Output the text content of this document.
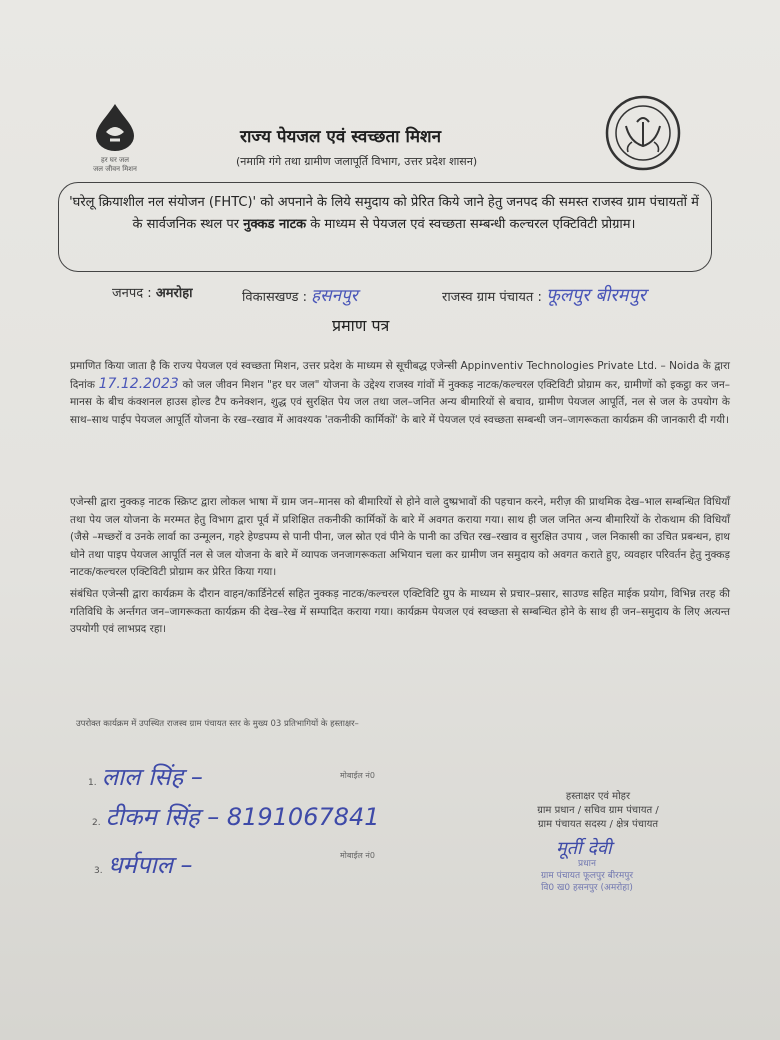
हर घर जल
जल जीवन मिशन
राज्य पेयजल एवं स्वच्छता मिशन
(नमामि गंगे तथा ग्रामीण जलापूर्ति विभाग, उत्तर प्रदेश शासन)
'घरेलू क्रियाशील नल संयोजन (FHTC)' को अपनाने के लिये समुदाय को प्रेरित किये जाने हेतु जनपद की समस्त राजस्व ग्राम पंचायतों में के सार्वजनिक स्थल पर नुक्कड नाटक के माध्यम से पेयजल एवं स्वच्छता सम्बन्धी कल्चरल एक्टिविटी प्रोग्राम।
जनपद : अमरोहा	विकासखण्ड : हसनपुर	राजस्व ग्राम पंचायत : फूलपुर बीरमपुर
प्रमाण पत्र
प्रमाणित किया जाता है कि राज्य पेयजल एवं स्वच्छता मिशन, उत्तर प्रदेश के माध्यम से सूचीबद्ध एजेन्सी Appinventiv Technologies Private Ltd. – Noida के द्वारा दिनांक 17.12.2023 को जल जीवन मिशन "हर घर जल" योजना के उद्देश्य राजस्व गांवों में नुक्कड़ नाटक/कल्चरल एक्टिविटी प्रोग्राम कर, ग्रामीणों को इकट्ठा कर जन–मानस के बीच कंक्शनल हाउस होल्ड टैप कनेक्शन, शुद्ध एवं सुरक्षित पेय जल तथा जल–जनित अन्य बीमारियों से बचाव, ग्रामीण पेयजल आपूर्ति, नल से जल के उपयोग के साथ–साथ पाईप पेयजल आपूर्ति योजना के रख–रखाव में आवश्यक 'तकनीकी कार्मिकों' के बारे में पेयजल एवं स्वच्छता सम्बन्धी जन–जागरूकता कार्यक्रम की जानकारी दी गयी।
एजेन्सी द्वारा नुक्कड़ नाटक स्क्रिप्ट द्वारा लोकल भाषा में ग्राम जन–मानस को बीमारियों से होने वाले दुष्प्रभावों की पहचान करने, मरीज़ की प्राथमिक देख–भाल सम्बन्धित विधियाँ तथा पेय जल योजना के मरम्मत हेतु विभाग द्वारा पूर्व में प्रशिक्षित तकनीकी कार्मिकों के बारे में अवगत कराया गया। साथ ही जल जनित अन्य बीमारियों के रोकथाम की विधियाँ (जैसे –मच्छरों व उनके लार्वा का उन्मूलन, गहरे हेण्डपम्प से पानी पीना, जल स्रोत एवं पीने के पानी का उचित रख–रखाव व सुरक्षित उपाय , जल निकासी का उचित प्रबन्धन, हाथ धोने तथा पाइप पेयजल आपूर्ति नल से जल योजना के बारे में व्यापक जनजागरूकता अभियान चला कर ग्रामीण जन समुदाय को अवगत कराते हुए, व्यवहार परिवर्तन हेतु नुक्कड़ नाटक/कल्चरल एक्टिविटी प्रोग्राम कर प्रेरित किया गया।
संबंधित एजेन्सी द्वारा कार्यक्रम के दौरान वाहन/कार्डिनेटर्स सहित नुक्कड़ नाटक/कल्चरल एक्टिविटि ग्रुप के माध्यम से प्रचार–प्रसार, साउण्ड सहित माईक प्रयोग, विभिन्न तरह की गतिविधि के अर्न्तगत जन–जागरूकता कार्यक्रम की देख–रेख में सम्पादित कराया गया। कार्यक्रम पेयजल एवं स्वच्छता से सम्बन्धित होने के साथ ही जन–समुदाय के लिए अत्यन्त उपयोगी एवं लाभप्रद रहा।
उपरोक्त कार्यक्रम में उपस्थित राजस्व ग्राम पंचायत स्तर के मुख्य 03 प्रतिभागियों के हस्ताक्षर–
1. लाल सिंह –	मोबाईल नं0
2. टीकम सिंह – 8191067841
3. धर्मपाल –	मोबाईल नं0
हस्ताक्षर एवं मोहर
ग्राम प्रधान / सचिव ग्राम पंचायत /
ग्राम पंचायत सदस्य / क्षेत्र पंचायत
मूर्ती देवी
प्रधान
ग्राम पंचायत फूलपुर बीरमपुर
वि0 ख0 हसनपुर (अमरोहा)
